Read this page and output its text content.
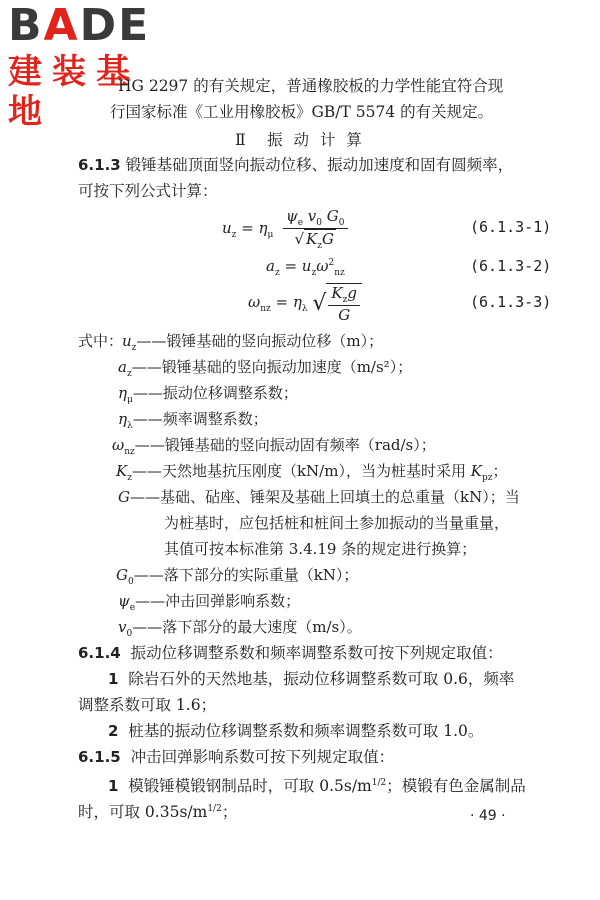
BADE
建装基地
HG 2297 的有关规定，普通橡胶板的力学性能宜符合现
行国家标准《工业用橡胶板》GB/T 5574 的有关规定。
Ⅱ　振 动 计 算
6.1.3 锻锤基础顶面竖向振动位移、振动加速度和固有圆频率，
可按下列公式计算：
$u_z = \eta_\mu \frac{\psi_e v_0 G_0}{√ K_zG}$	(6.1.3-1)
$a_z = u_z\omega^2_{nz}$	(6.1.3-2)
$\omega_{nz} = \eta_\lambda$ √ $\frac{K_zg}{G}$	(6.1.3-3)
式中：
$u_z——$锻锤基础的竖向振动位移（m）；
$a_z——$锻锤基础的竖向振动加速度（m/s²）；
$\eta_\mu——$振动位移调整系数；
$\eta_\lambda——$频率调整系数；
$\omega_{nz}——$锻锤基础的竖向振动固有频率（rad/s）；
$K_z——$天然地基抗压刚度（kN/m），当为桩基时采用 $K_{pz}$；
G——基础、砧座、锤架及基础上回填土的总重量（kN）；当
为桩基时，应包括桩和桩间土参加振动的当量重量，
其值可按本标准第 3.4.19 条的规定进行换算；
$G_0——$落下部分的实际重量（kN）；
$\psi_e——$冲击回弹影响系数；
$v_0——$落下部分的最大速度（m/s）。
6.1.4 振动位移调整系数和频率调整系数可按下列规定取值：
1 除岩石外的天然地基，振动位移调整系数可取 0.6，频率
调整系数可取 1.6；
2 桩基的振动位移调整系数和频率调整系数可取 1.0。
6.1.5 冲击回弹影响系数可按下列规定取值：
1 模锻锤模锻钢制品时，可取 $0.5s/m^{1/2}$；模锻有色金属制品
时，可取 $0.35s/m^{1/2}$；	· 49 ·
